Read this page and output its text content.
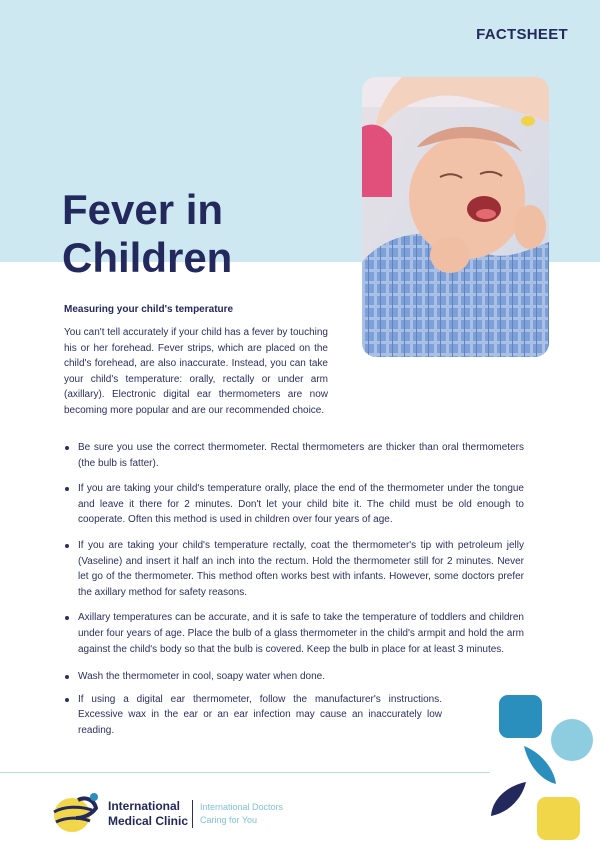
FACTSHEET
Fever in
Children
Measuring your child's temperature

You can't tell accurately if your child has a fever by touching his or her forehead. Fever strips, which are placed on the child's forehead, are also inaccurate. Instead, you can take your child's temperature: orally, rectally or under arm (axillary). Electronic digital ear thermometers are now becoming more popular and are our recommended choice.

Be sure you use the correct thermometer. Rectal thermometers are thicker than oral thermometers (the bulb is fatter).
If you are taking your child's temperature orally, place the end of the thermometer under the tongue and leave it there for 2 minutes. Don't let your child bite it. The child must be old enough to cooperate. Often this method is used in children over four years of age.
If you are taking your child's temperature rectally, coat the thermometer's tip with petroleum jelly (Vaseline) and insert it half an inch into the rectum. Hold the thermometer still for 2 minutes. Never let go of the thermometer. This method often works best with infants. However, some doctors prefer the axillary method for safety reasons.
Axillary temperatures can be accurate, and it is safe to take the temperature of toddlers and children under four years of age. Place the bulb of a glass thermometer in the child's armpit and hold the arm against the child's body so that the bulb is covered. Keep the bulb in place for at least 3 minutes.
Wash the thermometer in cool, soapy water when done.
If using a digital ear thermometer, follow the manufacturer's instructions. Excessive wax in the ear or an ear infection may cause an inaccurately low reading.
International
Medical Clinic
International Doctors
Caring for You
